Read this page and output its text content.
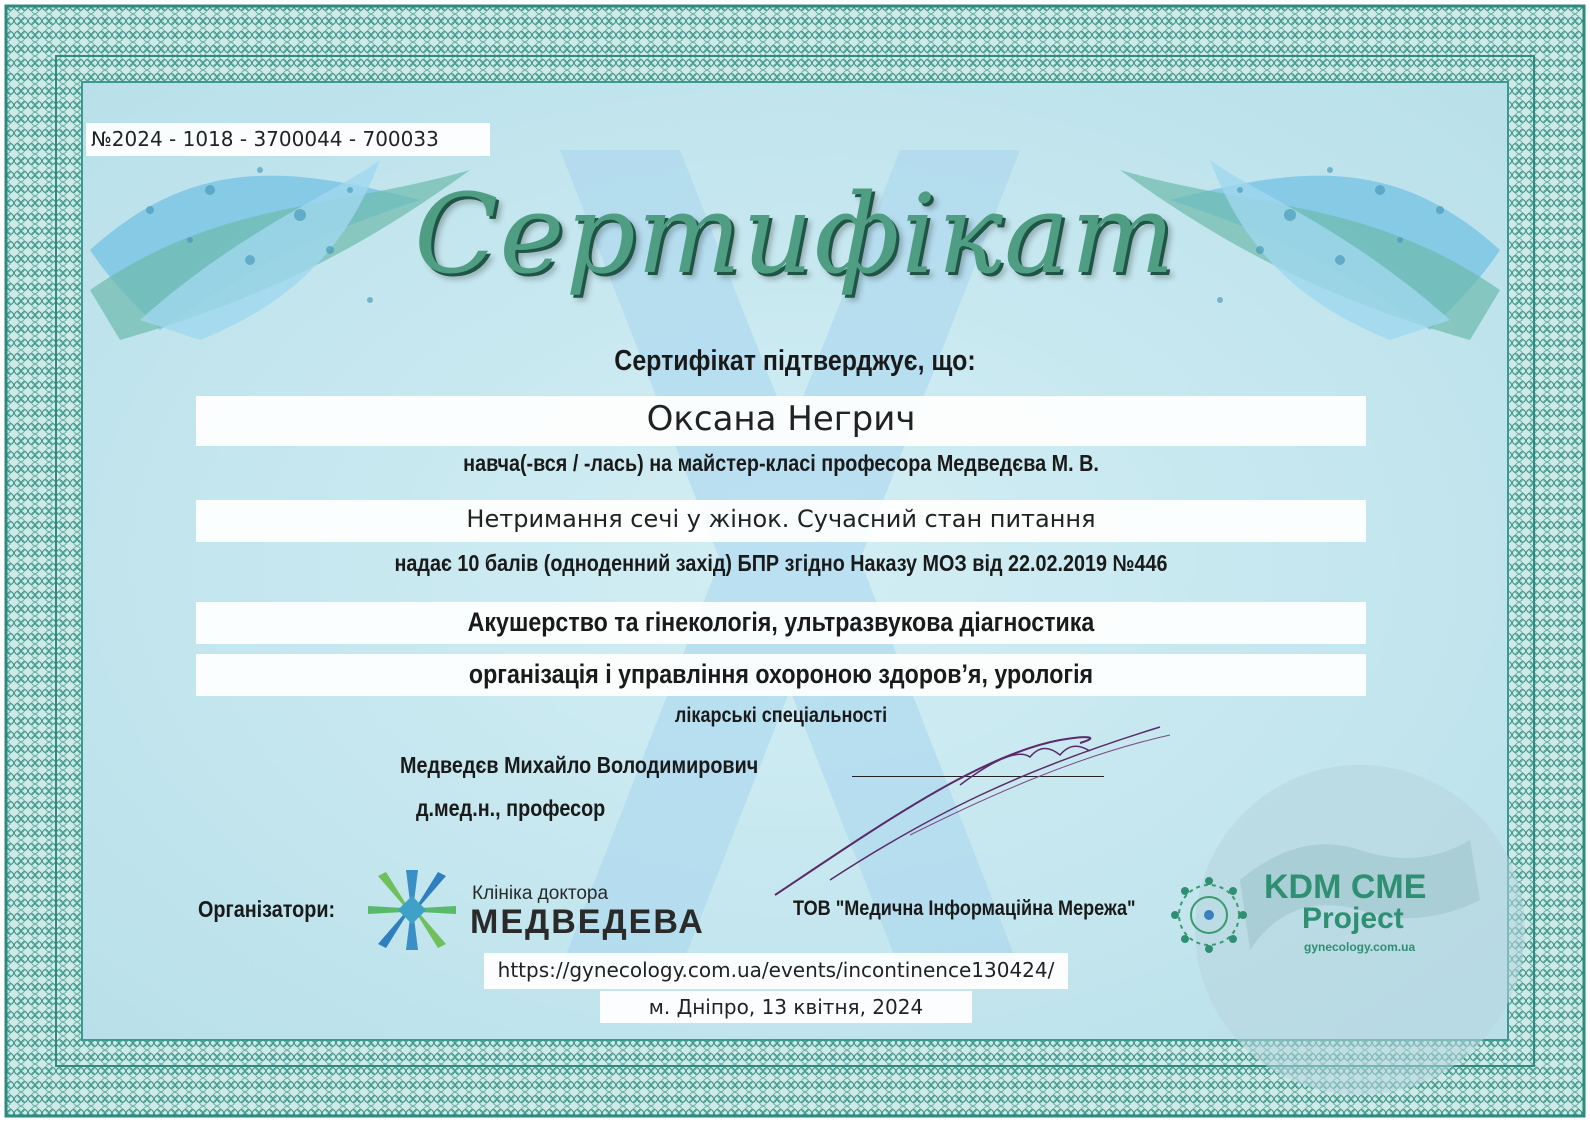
№2024 - 1018 - 3700044 - 700033
Сертифікат
Сертифікат підтверджує, що:
Оксана Негрич
навча(-вся / -лась) на майстер-класі професора Медведєва М. В.
Нетримання сечі у жінок. Сучасний стан питання
надає 10 балів (одноденний захід) БПР згідно Наказу МОЗ від 22.02.2019 №446
Акушерство та гінекологія, ультразвукова діагностика
організація і управління охороною здоров’я, урологія
лікарські спеціальності
Медведєв Михайло Володимирович
д.мед.н., професор
Організатори:
Клініка доктора
МЕДВЕДЕВА	ТОВ "Медична Інформаційна Мережа"
KDM CME
Project
gynecology.com.ua
https://gynecology.com.ua/events/incontinence130424/
м. Дніпро, 13 квітня, 2024
